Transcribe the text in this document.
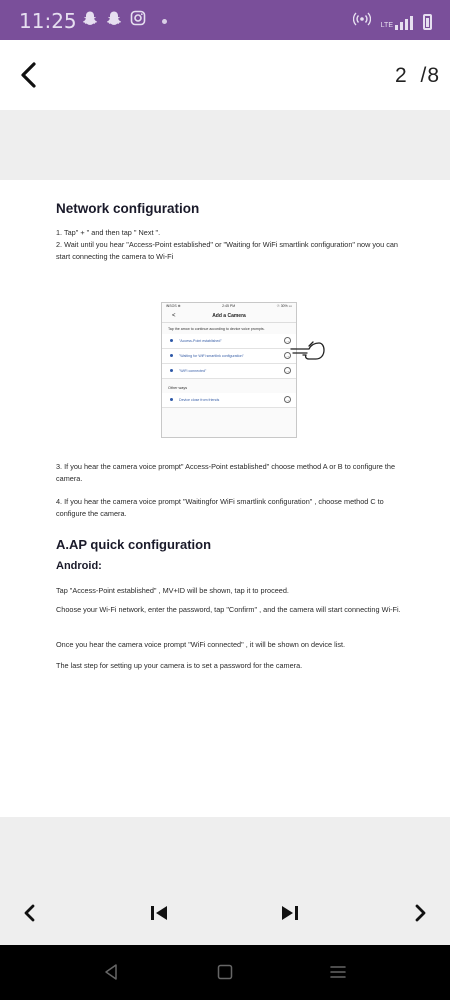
11:25	LTE
2 /8
Network configuration
1. Tap" + " and then tap " Next ".
2. Wait until you hear "Access-Point established" or "Waiting for WiFi smartlink configuration" now you can start connecting the camera to Wi-Fi
iNSOS ⊕	2:45 PM	☉ 30% ▭
<	Add a Camera
Tap the arrow to continue according to device voice prompts.
"Access-Point established"	→
"Waiting for WiFi smartlink configuration"	→
"WiFi connected"	→
Other ways
Device close from friends	→
3. If you hear the camera voice prompt" Access-Point established" choose method A or B to configure the camera.
4. If you hear the camera voice prompt "Waitingfor WiFi smartlink configuration" , choose method C to configure the camera.
A.AP quick configuration
Android:
Tap "Access-Point established" , MV+ID will be shown, tap it to proceed.
Choose your Wi-Fi network, enter the password, tap "Confirm" , and the camera will start connecting Wi-Fi.
Once you hear the camera voice prompt "WiFi connected" , it will be shown on device list.
The last step for setting up your camera is to set a password for the camera.
